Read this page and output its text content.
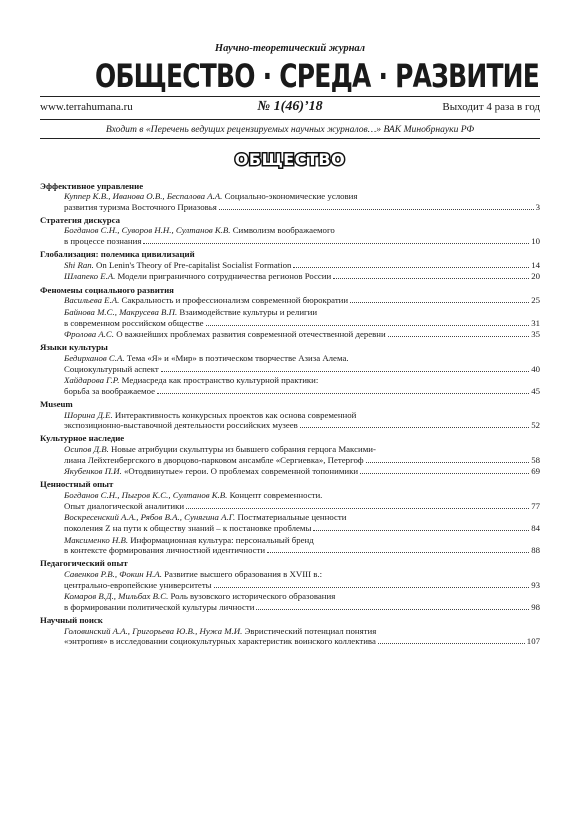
Научно-теоретический журнал
ОБЩЕСТВО · СРЕДА · РАЗВИТИЕ
www.terrahumana.ru	№ 1(46)’18	Выходит 4 раза в год
Входит в «Перечень ведущих рецензируемых научных журналов…» ВАК Минобрнауки РФ
ОБЩЕСТВО
Эффективное управление
Куппер К.В., Иванова О.В., Беспалова А.А. Социально-экономические условия
развития туризма Восточного Приазовья	3
Стратегия дискурса
Богданов С.Н., Суворов Н.Н., Султанов К.В. Символизм воображаемого
в процессе познания	10
Глобализация: полемика цивилизаций
Shi Ran. On Lenin's Theory of Pre-capitalist Socialist Formation	14
Шлапеко Е.А. Модели приграничного сотрудничества регионов России	20
Феномены социального развития
Васильева Е.А. Сакральность и профессионализм современной бюрократии	25
Байнова М.С., Макрусева В.П. Взаимодействие культуры и религии
в современном российском обществе	31
Фролова А.С. О важнейших проблемах развития современной отечественной деревни	35
Языки культуры
Бедирханов С.А. Тема «Я» и «Мир» в поэтическом творчестве Азиза Алема.
Социокультурный аспект	40
Хайдарова Г.Р. Медиасреда как пространство культурной практики:
борьба за воображаемое	45
Museum
Шорина Д.Е. Интерактивность конкурсных проектов как основа современной
экспозиционно-выставочной деятельности российских музеев	52
Культурное наследие
Осипов Д.В. Новые атрибуции скульптуры из бывшего собрания герцога Максими-
лиана Лейхтенбергского в дворцово-парковом ансамбле «Сергиевка», Петергоф	58
Якубенков П.И. «Отодвинутые» герои. О проблемах современной топонимики	69
Ценностный опыт
Богданов С.Н., Пыгров К.С., Султанов К.В. Концепт современности.
Опыт диалогической аналитики	77
Воскресенский А.А., Рябов В.А., Сунягина А.Г. Постматериальные ценности
поколения Z на пути к обществу знаний – к постановке проблемы	84
Максименко Н.В. Информационная культура: персональный бренд
в контексте формирования личностной идентичности	88
Педагогический опыт
Савенков Р.В., Фокин Н.А. Развитие высшего образования в XVIII в.:
центрально-европейские университеты	93
Комаров В.Д., Мильбах В.С. Роль вузовского исторического образования
в формировании политической культуры личности	98
Научный поиск
Головинский А.А., Григорьева Ю.В., Нужа М.И. Эвристический потенциал понятия
«энтропия» в исследовании социокультурных характеристик воинского коллектива	107
